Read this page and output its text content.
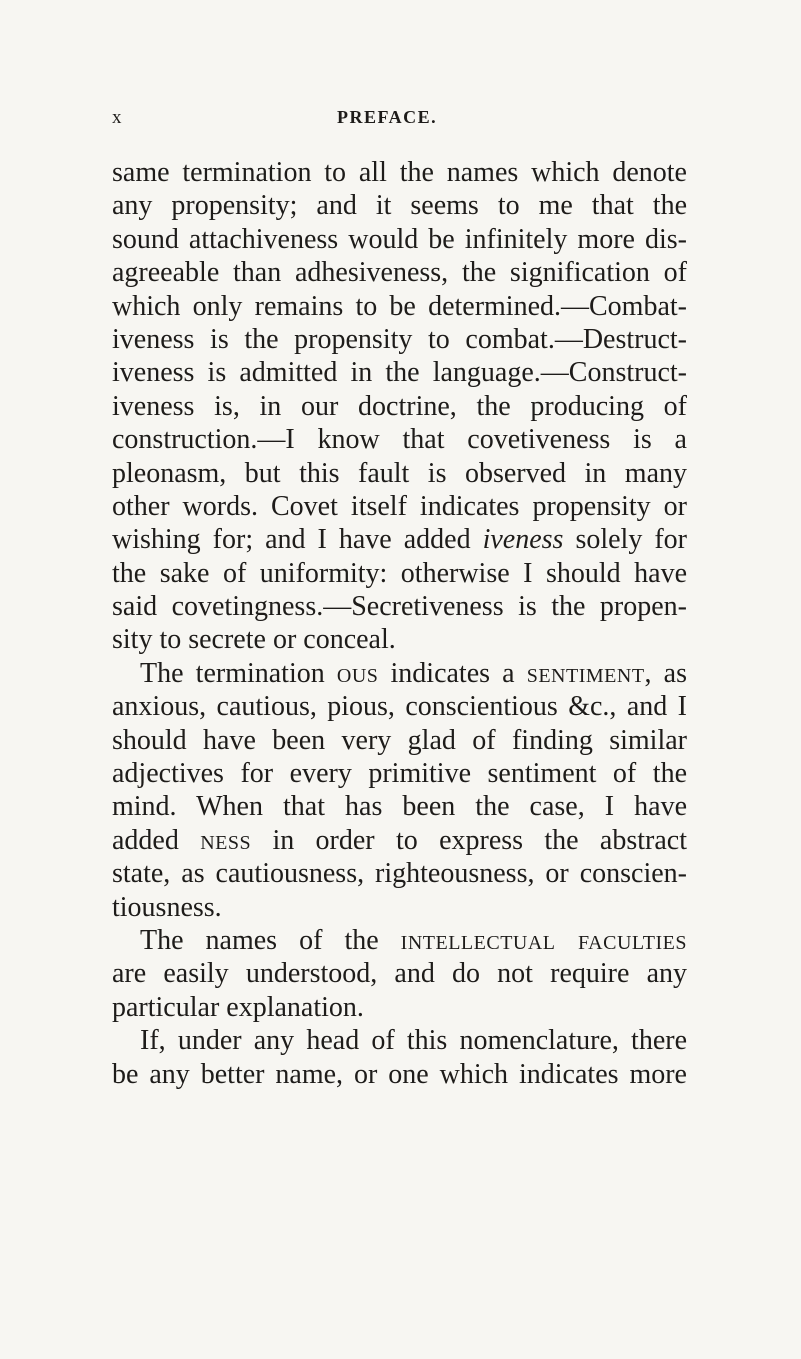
x	PREFACE.
same termination to all the names which denote
any propensity; and it seems to me that the
sound attachiveness would be infinitely more dis-
agreeable than adhesiveness, the signification of
which only remains to be determined.—Combat-
iveness is the propensity to combat.—Destruct-
iveness is admitted in the language.—Construct-
iveness is, in our doctrine, the producing of
construction.—I know that covetiveness is a
pleonasm, but this fault is observed in many
other words. Covet itself indicates propensity or
wishing for; and I have added iveness solely for
the sake of uniformity: otherwise I should have
said covetingness.—Secretiveness is the propen-
sity to secrete or conceal.
The termination ous indicates a sentiment, as
anxious, cautious, pious, conscientious &c., and I
should have been very glad of finding similar
adjectives for every primitive sentiment of the
mind. When that has been the case, I have
added ness in order to express the abstract
state, as cautiousness, righteousness, or conscien-
tiousness.
The names of the intellectual faculties
are easily understood, and do not require any
particular explanation.
If, under any head of this nomenclature, there
be any better name, or one which indicates more
